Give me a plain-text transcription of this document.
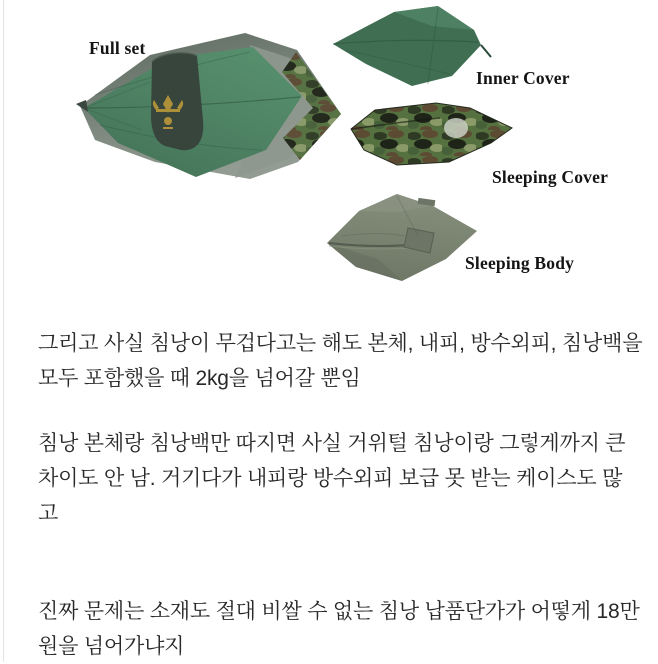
Full set
Inner Cover
Sleeping Cover
Sleeping Body
그리고 사실 침낭이 무겁다고는 해도 본체, 내피, 방수외피, 침낭백을
모두 포함했을 때 2kg을 넘어갈 뿐임
침낭 본체랑 침낭백만 따지면 사실 거위털 침낭이랑 그렇게까지 큰
차이도 안 남. 거기다가 내피랑 방수외피 보급 못 받는 케이스도 많
고
진짜 문제는 소재도 절대 비쌀 수 없는 침낭 납품단가가 어떻게 18만
원을 넘어가냐지
